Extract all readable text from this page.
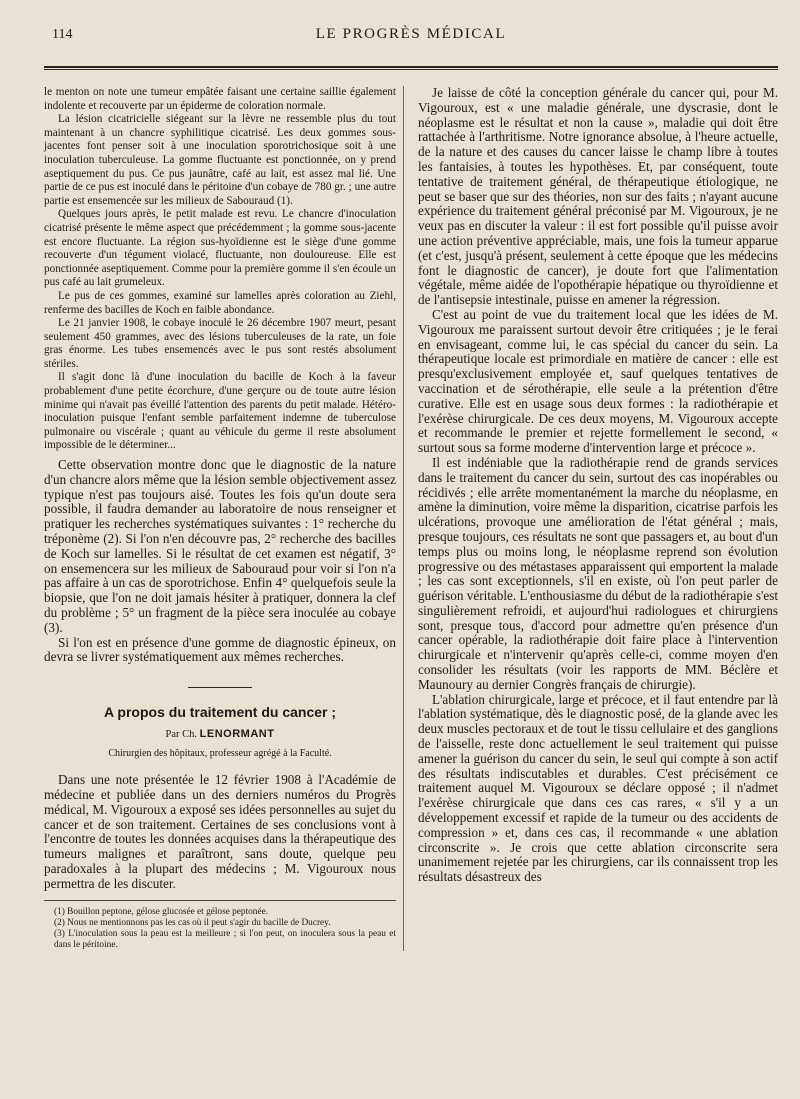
114	LE PROGRÈS MÉDICAL

le menton on note une tumeur empâtée faisant une certaine saillie également indolente et recouverte par un épiderme de coloration normale.

La lésion cicatricielle siégeant sur la lèvre ne ressemble plus du tout maintenant à un chancre syphilitique cicatrisé. Les deux gommes sous-jacentes font penser soit à une inoculation sporotrichosique soit à une inoculation tuberculeuse. La gomme fluctuante est ponctionnée, on y prend aseptiquement du pus. Ce pus jaunâtre, café au lait, est assez mal lié. Une partie de ce pus est inoculé dans le péritoine d'un cobaye de 780 gr. ; une autre partie est ensemencée sur les milieux de Sabouraud (1).

Quelques jours après, le petit malade est revu. Le chancre d'inoculation cicatrisé présente le même aspect que précédemment ; la gomme sous-jacente est encore fluctuante. La région sus-hyoïdienne est le siège d'une gomme recouverte d'un tégument violacé, fluctuante, non douloureuse. Elle est ponctionnée aseptiquement. Comme pour la première gomme il s'en écoule un pus café au lait grumeleux.

Le pus de ces gommes, examiné sur lamelles après coloration au Ziehl, renferme des bacilles de Koch en faible abondance.

Le 21 janvier 1908, le cobaye inoculé le 26 décembre 1907 meurt, pesant seulement 450 grammes, avec des lésions tuberculeuses de la rate, un foie gras énorme. Les tubes ensemencés avec le pus sont restés absolument stériles.

Il s'agit donc là d'une inoculation du bacille de Koch à la faveur probablement d'une petite écorchure, d'une gerçure ou de toute autre lésion minime qui n'avait pas éveillé l'attention des parents du petit malade. Hétéro-inoculation puisque l'enfant semble parfaitement indemne de tuberculose pulmonaire ou viscérale ; quant au véhicule du germe il reste absolument impossible de le déterminer...

Cette observation montre donc que le diagnostic de la nature d'un chancre alors même que la lésion semble objectivement assez typique n'est pas toujours aisé. Toutes les fois qu'un doute sera possible, il faudra demander au laboratoire de nous renseigner et pratiquer les recherches systématiques suivantes : 1° recherche du tréponème (2). Si l'on n'en découvre pas, 2° recherche des bacilles de Koch sur lamelles. Si le résultat de cet examen est négatif, 3° on ensemencera sur les milieux de Sabouraud pour voir si l'on n'a pas affaire à un cas de sporotrichose. Enfin 4° quelquefois seule la biopsie, que l'on ne doit jamais hésiter à pratiquer, donnera la clef du problème ; 5° un fragment de la pièce sera inoculée au cobaye (3).

Si l'on est en présence d'une gomme de diagnostic épineux, on devra se livrer systématiquement aux mêmes recherches.

A propos du traitement du cancer ;
Par Ch. LENORMANT
Chirurgien des hôpitaux, professeur agrégé à la Faculté.

Dans une note présentée le 12 février 1908 à l'Académie de médecine et publiée dans un des derniers numéros du Progrès médical, M. Vigouroux a exposé ses idées personnelles au sujet du cancer et de son traitement. Certaines de ses conclusions vont à l'encontre de toutes les données acquises dans la thérapeutique des tumeurs malignes et paraîtront, sans doute, quelque peu paradoxales à la plupart des médecins ; M. Vigouroux nous permettra de les discuter.

(1) Bouillon peptone, gélose glucosée et gélose peptonée.

(2) Nous ne mentionnons pas les cas où il peut s'agir du bacille de Ducrey.

(3) L'inoculation sous la peau est la meilleure ; si l'on peut, on inoculera sous la peau et dans le péritoine.

Je laisse de côté la conception générale du cancer qui, pour M. Vigouroux, est « une maladie générale, une dyscrasie, dont le néoplasme est le résultat et non la cause », maladie qui doit être rattachée à l'arthritisme. Notre ignorance absolue, à l'heure actuelle, de la nature et des causes du cancer laisse le champ libre à toutes les fantaisies, à toutes les hypothèses. Et, par conséquent, toute tentative de traitement général, de thérapeutique étiologique, ne peut se baser que sur des théories, non sur des faits ; n'ayant aucune expérience du traitement général préconisé par M. Vigouroux, je ne veux pas en discuter la valeur : il est fort possible qu'il puisse avoir une action préventive appréciable, mais, une fois la tumeur apparue (et c'est, jusqu'à présent, seulement à cette époque que les médecins font le diagnostic de cancer), je doute fort que l'alimentation végétale, même aidée de l'opothérapie hépatique ou thyroïdienne et de l'antisepsie intestinale, puisse en amener la régression.

C'est au point de vue du traitement local que les idées de M. Vigouroux me paraissent surtout devoir être critiquées ; je le ferai en envisageant, comme lui, le cas spécial du cancer du sein. La thérapeutique locale est primordiale en matière de cancer : elle est presqu'exclusivement employée et, sauf quelques tentatives de vaccination et de sérothérapie, elle seule a la prétention d'être curative. Elle est en usage sous deux formes : la radiothérapie et l'exérèse chirurgicale. De ces deux moyens, M. Vigouroux accepte et recommande le premier et rejette formellement le second, « surtout sous sa forme moderne d'intervention large et précoce ».

Il est indéniable que la radiothérapie rend de grands services dans le traitement du cancer du sein, surtout des cas inopérables ou récidivés ; elle arrête momentanément la marche du néoplasme, en amène la diminution, voire même la disparition, cicatrise parfois les ulcérations, provoque une amélioration de l'état général ; mais, presque toujours, ces résultats ne sont que passagers et, au bout d'un temps plus ou moins long, le néoplasme reprend son évolution progressive ou des métastases apparaissent qui emportent la malade ; les cas sont exceptionnels, s'il en existe, où l'on peut parler de guérison véritable. L'enthousiasme du début de la radiothérapie s'est singulièrement refroidi, et aujourd'hui radiologues et chirurgiens sont, presque tous, d'accord pour admettre qu'en présence d'un cancer opérable, la radiothérapie doit faire place à l'intervention chirurgicale et n'intervenir qu'après celle-ci, comme moyen d'en consolider les résultats (voir les rapports de MM. Béclère et Maunoury au dernier Congrès français de chirurgie).

L'ablation chirurgicale, large et précoce, et il faut entendre par là l'ablation systématique, dès le diagnostic posé, de la glande avec les deux muscles pectoraux et de tout le tissu cellulaire et des ganglions de l'aisselle, reste donc actuellement le seul traitement qui puisse amener la guérison du cancer du sein, le seul qui compte à son actif des résultats indiscutables et durables. C'est précisément ce traitement auquel M. Vigouroux se déclare opposé ; il n'admet l'exérèse chirurgicale que dans ces cas rares, « s'il y a un développement excessif et rapide de la tumeur ou des accidents de compression » et, dans ces cas, il recommande « une ablation circonscrite ». Je crois que cette ablation circonscrite sera unanimement rejetée par les chirurgiens, car ils connaissent trop les résultats désastreux des
